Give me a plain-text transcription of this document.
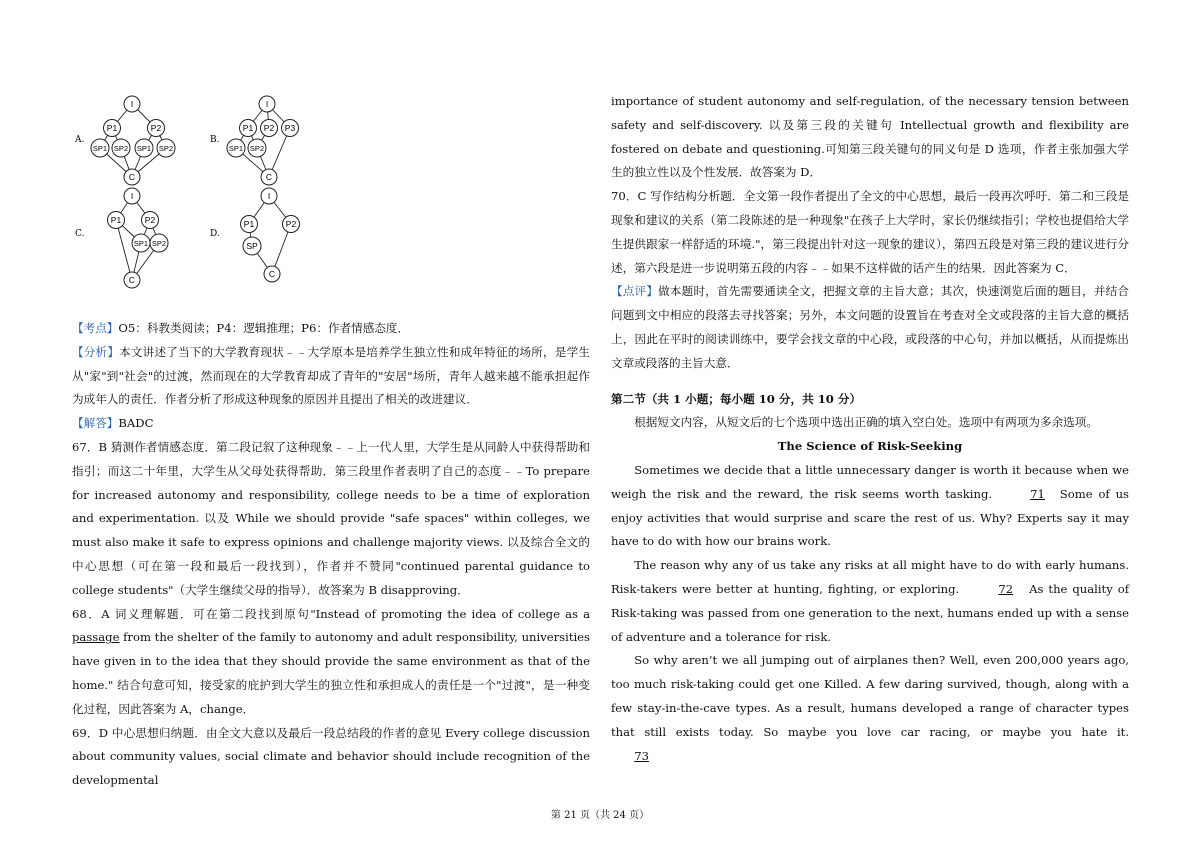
I
P1	P2
SP1 SP2 SP1 SP2
C
A.
I
P1 P2 P3
SP1 SP2
C
B.
I
P1	P2
SP1 SP2
C
C.
I
P1	P2
SP
C
D.

【考点】O5：科教类阅读；P4：逻辑推理；P6：作者情感态度．

【分析】本文讲述了当下的大学教育现状﹣﹣大学原本是培养学生独立性和成年特征的场所，是学生从"家"到"社会"的过渡，然而现在的大学教育却成了青年的"安居"场所，青年人越来越不能承担起作为成年人的责任．作者分析了形成这种现象的原因并且提出了相关的改进建议．

【解答】BADC

67．B 猜测作者情感态度．第二段记叙了这种现象﹣﹣上一代人里，大学生是从同龄人中获得帮助和指引；而这二十年里，大学生从父母处获得帮助．第三段里作者表明了自己的态度﹣﹣To prepare for increased autonomy and responsibility, college needs to be a time of exploration and experimentation. 以及 While we should provide "safe spaces" within colleges, we must also make it safe to express opinions and challenge majority views. 以及综合全文的中心思想（可在第一段和最后一段找到），作者并不赞同"continued parental guidance to college students"（大学生继续父母的指导）．故答案为 B disapproving．

68．A 词义理解题．可在第二段找到原句"Instead of promoting the idea of college as a passage from the shelter of the family to autonomy and adult responsibility, universities have given in to the idea that they should provide the same environment as that of the home." 结合句意可知，接受家的庇护到大学生的独立性和承担成人的责任是一个"过渡"，是一种变化过程，因此答案为 A，change．

69．D 中心思想归纳题．由全文大意以及最后一段总结段的作者的意见 Every college discussion about community values, social climate and behavior should include recognition of the developmental

importance of student autonomy and self-regulation, of the necessary tension between safety and self-discovery. 以及第三段的关键句 Intellectual growth and flexibility are fostered on debate and questioning.可知第三段关键句的同义句是 D 选项，作者主张加强大学生的独立性以及个性发展．故答案为 D．

70．C 写作结构分析题．全文第一段作者提出了全文的中心思想，最后一段再次呼吁．第二和三段是现象和建议的关系（第二段陈述的是一种现象"在孩子上大学时，家长仍继续指引；学校也提倡给大学生提供跟家一样舒适的环境."，第三段提出针对这一现象的建议），第四五段是对第三段的建议进行分述，第六段是进一步说明第五段的内容﹣﹣如果不这样做的话产生的结果．因此答案为 C．

【点评】做本题时，首先需要通读全文，把握文章的主旨大意；其次，快速浏览后面的题目，并结合问题到文中相应的段落去寻找答案；另外，本文问题的设置旨在考查对全文或段落的主旨大意的概括上，因此在平时的阅读训练中，要学会找文章的中心段，或段落的中心句，并加以概括，从而提炼出文章或段落的主旨大意．

第二节（共 1 小题；每小题 10 分，共 10 分）

根据短文内容，从短文后的七个选项中选出正确的填入空白处。选项中有两项为多余选项。

The Science of Risk-Seeking

Sometimes we decide that a little unnecessary danger is worth it because when we weigh the risk and the reward, the risk seems worth tasking.	71 Some of us enjoy activities that would surprise and scare the rest of us. Why? Experts say it may have to do with how our brains work.

The reason why any of us take any risks at all might have to do with early humans. Risk-takers were better at hunting, fighting, or exploring.	72 As the quality of Risk-taking was passed from one generation to the next, humans ended up with a sense of adventure and a tolerance for risk.

So why aren’t we all jumping out of airplanes then? Well, even 200,000 years ago, too much risk-taking could get one Killed. A few daring survived, though, along with a few stay-in-the-cave types. As a result, humans developed a range of character types that still exists today. So maybe you love car racing, or maybe you hate it. 73

第 21 页（共 24 页）
